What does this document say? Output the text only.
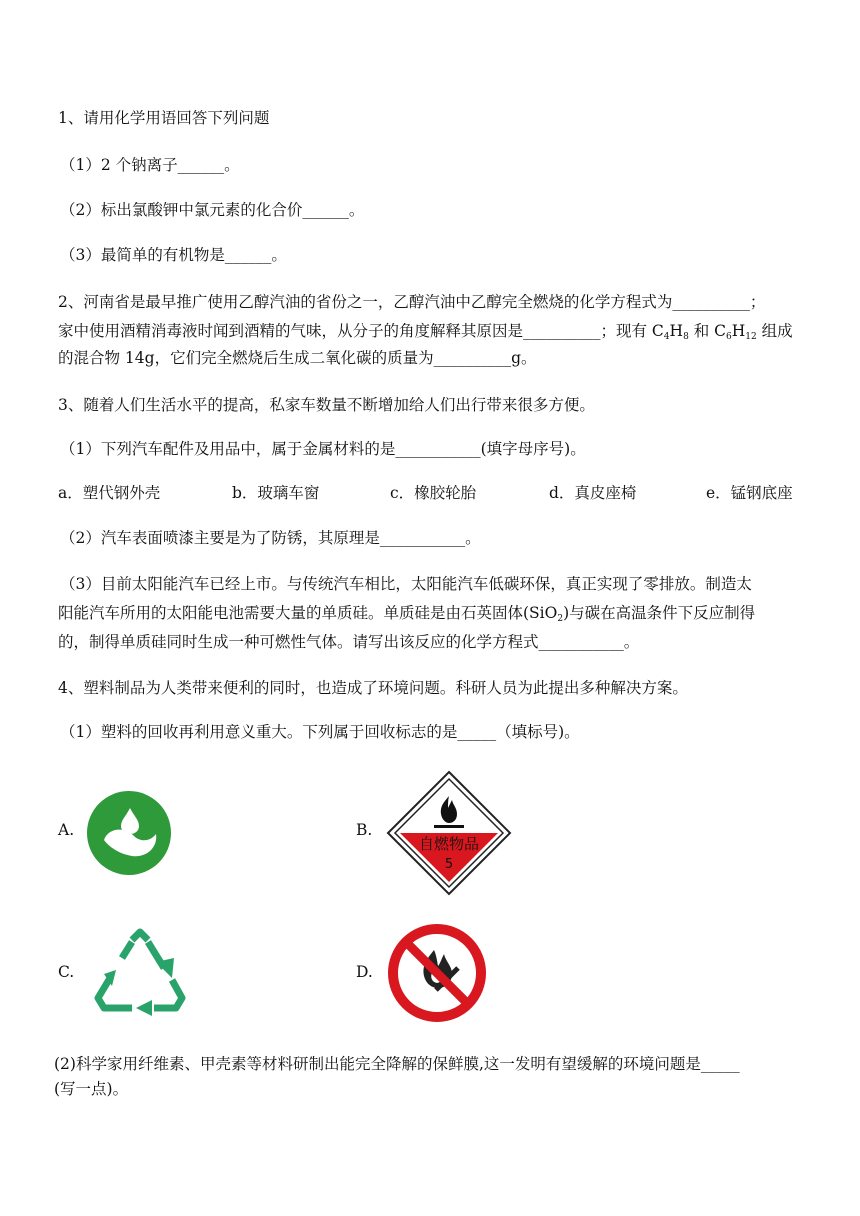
1、请用化学用语回答下列问题
（1）2 个钠离子______。
（2）标出氯酸钾中氯元素的化合价______。
（3）最简单的有机物是______。
2、河南省是最早推广使用乙醇汽油的省份之一，乙醇汽油中乙醇完全燃烧的化学方程式为__________；
家中使用酒精消毒液时闻到酒精的气味，从分子的角度解释其原因是__________；现有 $C_4H_8$ 和 $C_6H_{12}$ 组成
的混合物 14g，它们完全燃烧后生成二氧化碳的质量为__________g。
3、随着人们生活水平的提高，私家车数量不断增加给人们出行带来很多方便。
（1）下列汽车配件及用品中，属于金属材料的是___________(填字母序号)。
a．塑代钢外壳	b．玻璃车窗	c．橡胶轮胎	d．真皮座椅	e．锰钢底座
（2）汽车表面喷漆主要是为了防锈，其原理是___________。
（3）目前太阳能汽车已经上市。与传统汽车相比，太阳能汽车低碳环保，真正实现了零排放。制造太
阳能汽车所用的太阳能电池需要大量的单质硅。单质硅是由石英固体(SiO$_2$)与碳在高温条件下反应制得
的，制得单质硅同时生成一种可燃性气体。请写出该反应的化学方程式___________。
4、塑料制品为人类带来便利的同时，也造成了环境问题。科研人员为此提出多种解决方案。
（1）塑料的回收再利用意义重大。下列属于回收标志的是_____（填标号)。
A.	B.
C.	D.
自燃物品
5
(2)科学家用纤维素、甲壳素等材料研制出能完全降解的保鲜膜,这一发明有望缓解的环境问题是_____
(写一点)。
